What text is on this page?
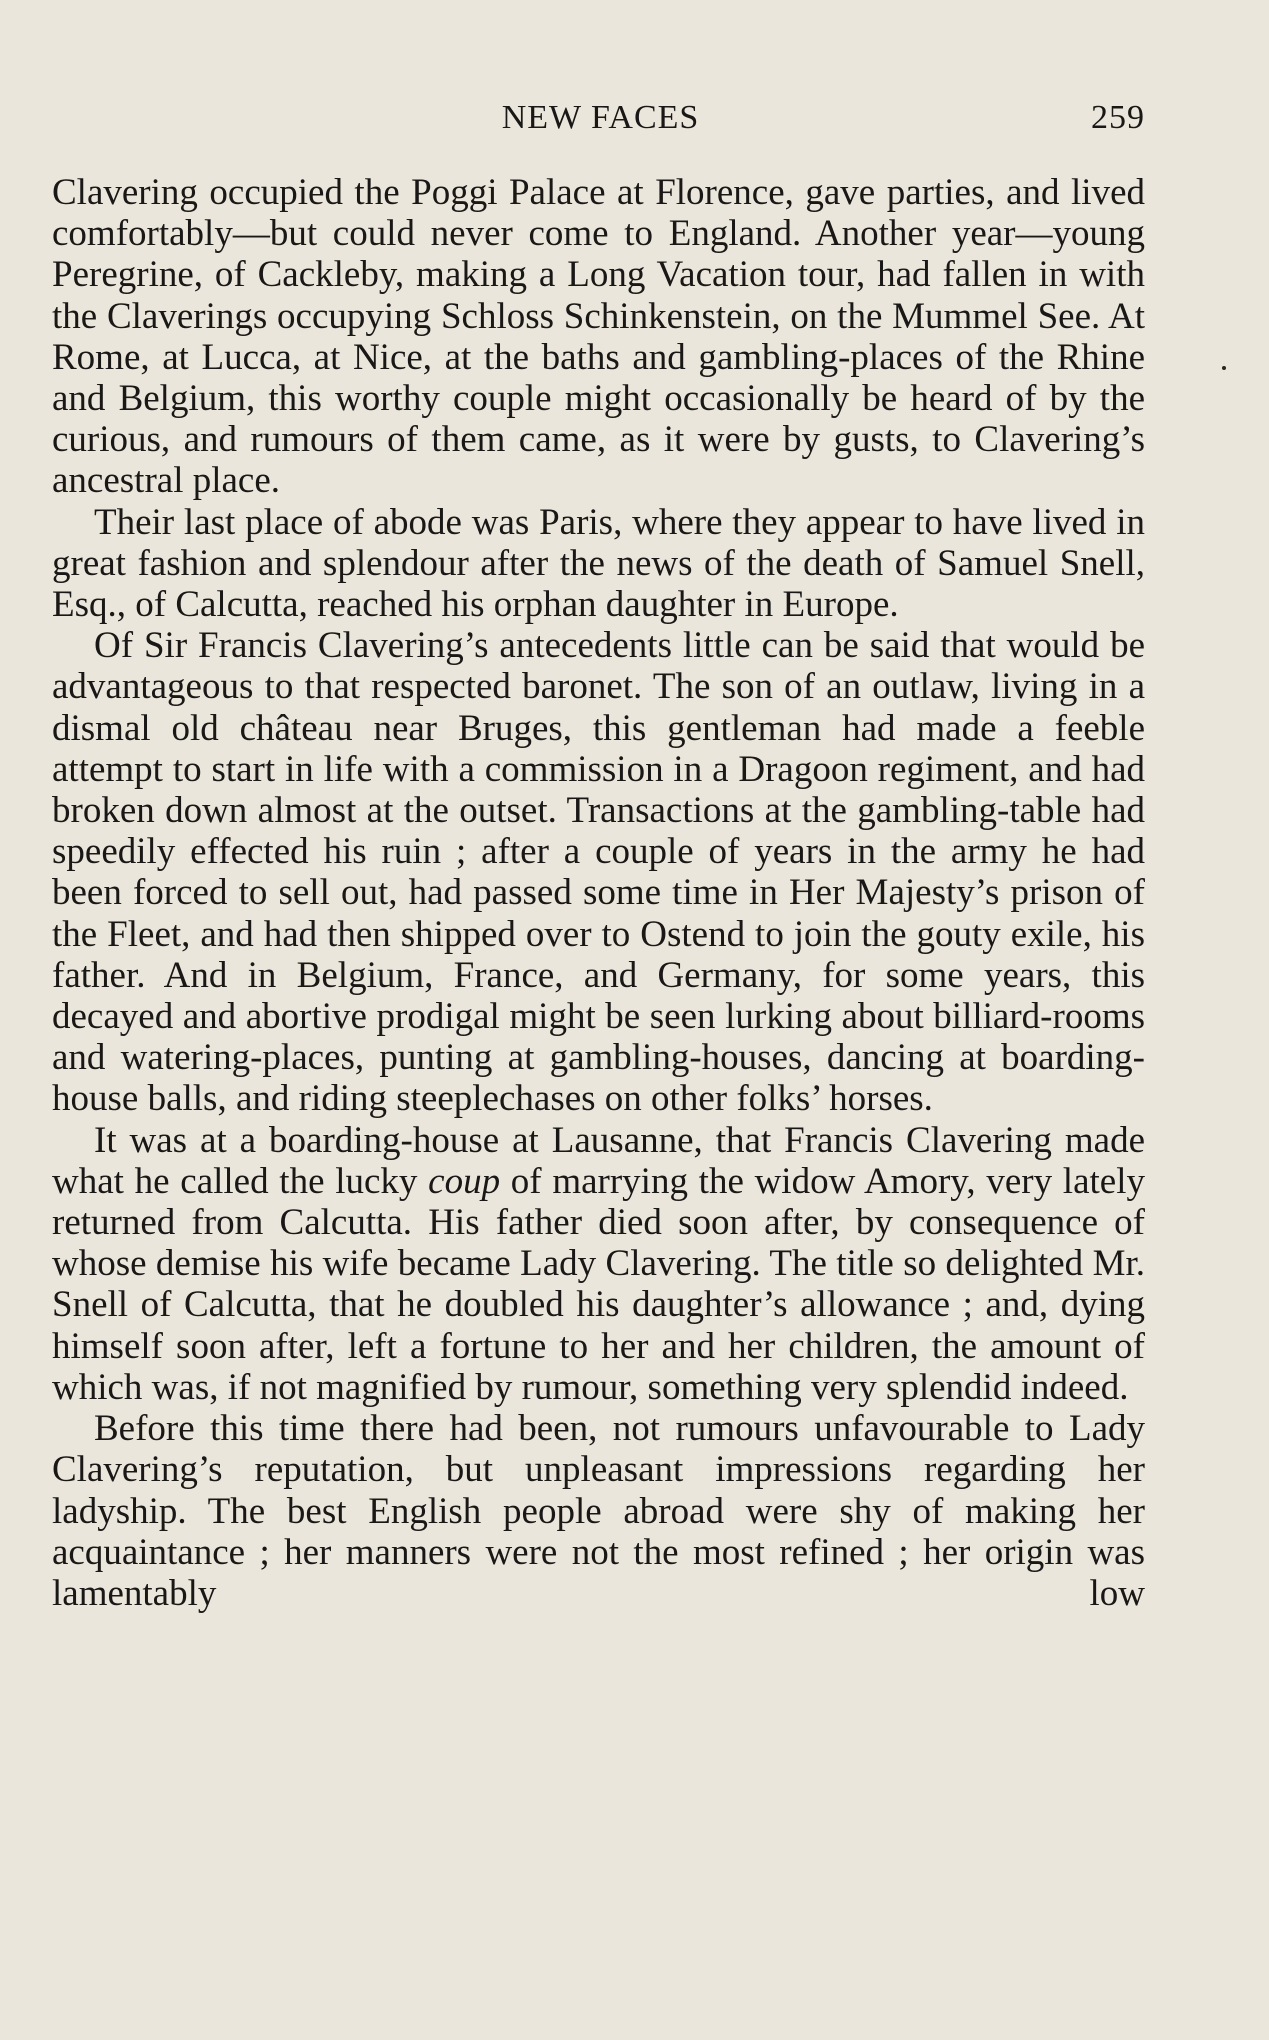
NEW FACES	259

Clavering occupied the Poggi Palace at Florence, gave parties, and lived comfortably—but could never come to England. Another year—young Peregrine, of Cackleby, making a Long Vacation tour, had fallen in with the Claverings occupying Schloss Schinkenstein, on the Mummel See. At Rome, at Lucca, at Nice, at the baths and gambling-places of the Rhine and Belgium, this worthy couple might occasionally be heard of by the curious, and rumours of them came, as it were by gusts, to Clavering’s ancestral place.

Their last place of abode was Paris, where they appear to have lived in great fashion and splendour after the news of the death of Samuel Snell, Esq., of Calcutta, reached his orphan daughter in Europe.

Of Sir Francis Clavering’s antecedents little can be said that would be advantageous to that respected baronet. The son of an outlaw, living in a dismal old château near Bruges, this gentleman had made a feeble attempt to start in life with a commission in a Dragoon regiment, and had broken down almost at the outset. Transactions at the gambling-table had speedily effected his ruin ; after a couple of years in the army he had been forced to sell out, had passed some time in Her Majesty’s prison of the Fleet, and had then shipped over to Ostend to join the gouty exile, his father. And in Belgium, France, and Germany, for some years, this decayed and abortive prodigal might be seen lurking about billiard-rooms and watering-places, punting at gambling-houses, dancing at boarding-house balls, and riding steeplechases on other folks’ horses.

It was at a boarding-house at Lausanne, that Francis Clavering made what he called the lucky coup of marrying the widow Amory, very lately returned from Calcutta. His father died soon after, by consequence of whose demise his wife became Lady Clavering. The title so delighted Mr. Snell of Calcutta, that he doubled his daughter’s allowance ; and, dying himself soon after, left a fortune to her and her children, the amount of which was, if not magnified by rumour, something very splendid indeed.

Before this time there had been, not rumours unfavourable to Lady Clavering’s reputation, but unpleasant impressions regarding her ladyship. The best English people abroad were shy of making her acquaintance ; her manners were not the most refined ; her origin was lamentably low
